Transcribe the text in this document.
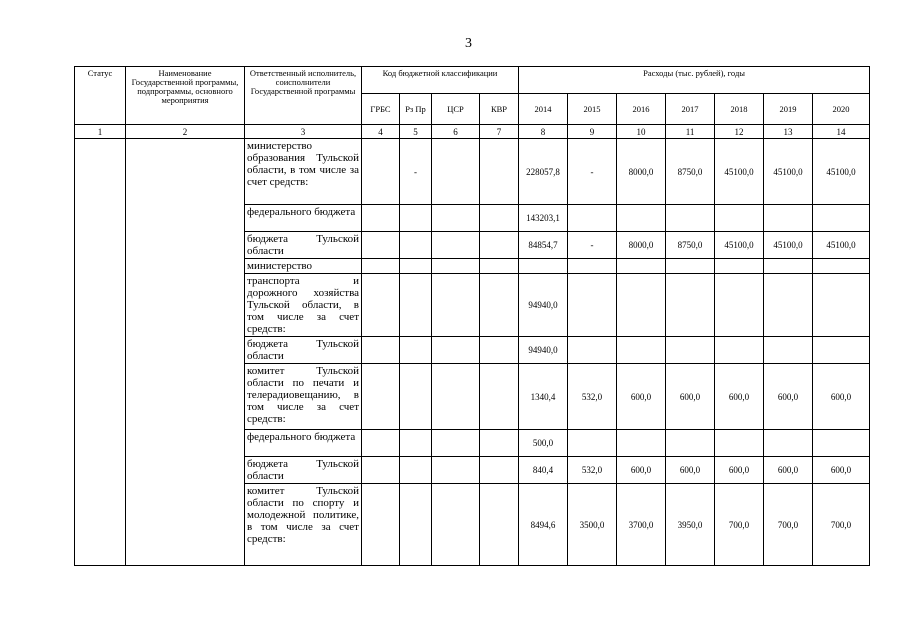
3
Статус	Наименование Государственной программы, подпрограммы, основного мероприятия	Ответственный исполнитель, соисполнители Государственной программы	Код бюджетной классификации				Расходы (тыс. рублей), годы						
			ГРБС	Рз Пр	ЦСР	КВР	2014	2015	2016	2017	2018	2019	2020
1	2	3	4	5	6	7	8	9	10	11	12	13	14
		министерство образования Тульской области, в том числе за счет средств:		-			228057,8	-	8000,0	8750,0	45100,0	45100,0	45100,0
		федерального бюджета					143203,1						
		бюджета Тульской области					84854,7	-	8000,0	8750,0	45100,0	45100,0	45100,0
		министерство											
		транспорта и дорожного хозяйства Тульской области, в том числе за счет средств:					94940,0						
		бюджета Тульской области					94940,0						
		комитет Тульской области по печати и телерадиовещанию, в том числе за счет средств:					1340,4	532,0	600,0	600,0	600,0	600,0	600,0
		федерального бюджета					500,0						
		бюджета Тульской области					840,4	532,0	600,0	600,0	600,0	600,0	600,0
		комитет Тульской области по спорту и молодежной политике, в том числе за счет средств:					8494,6	3500,0	3700,0	3950,0	700,0	700,0	700,0
